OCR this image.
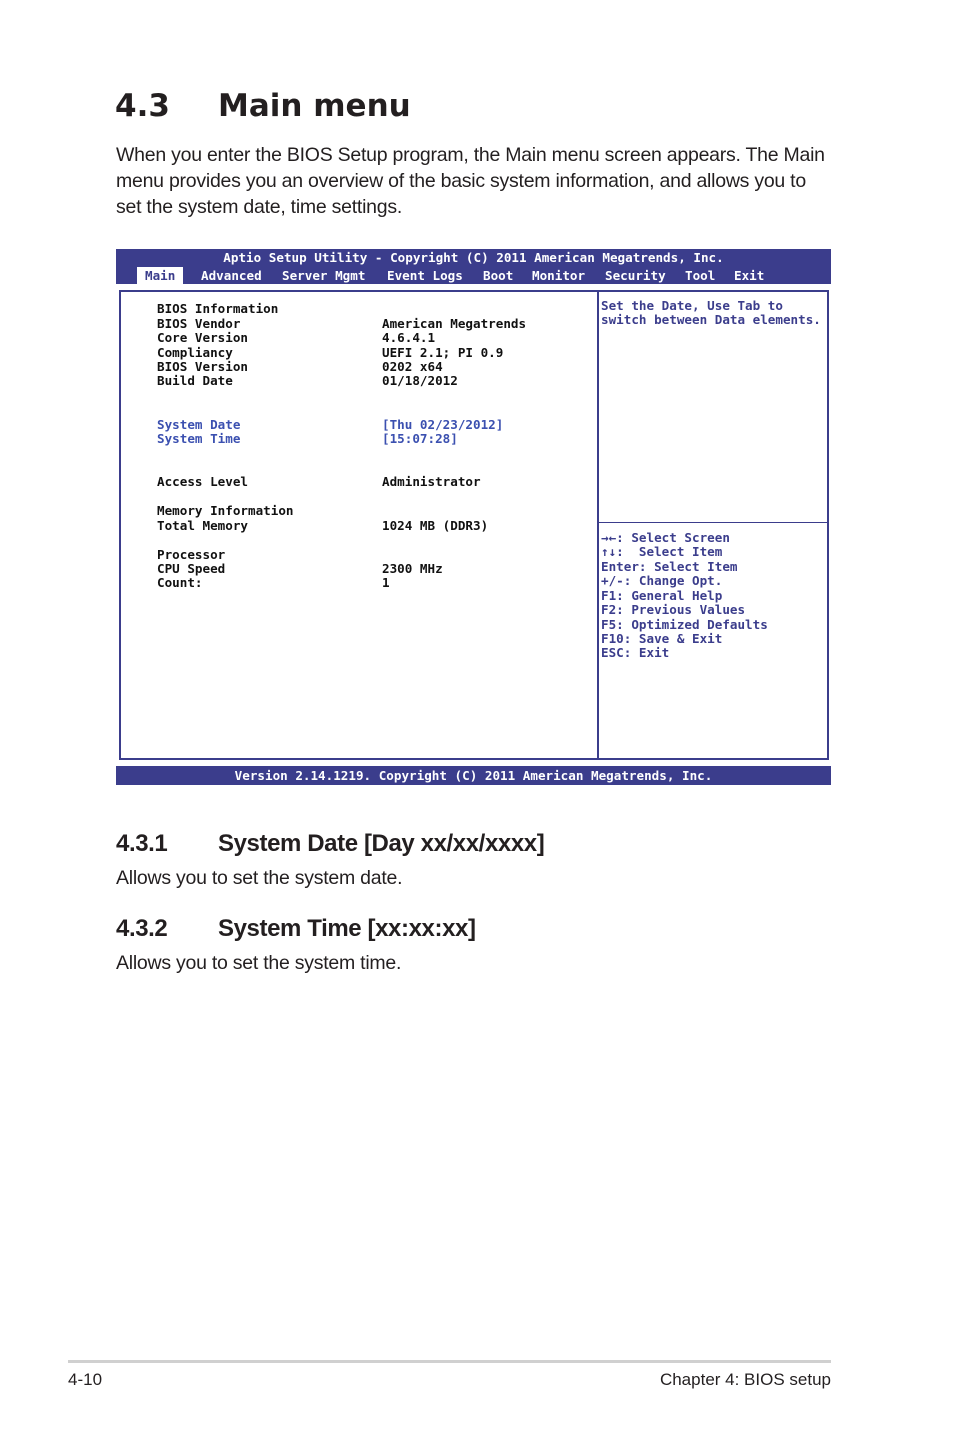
4.3 Main menu

When you enter the BIOS Setup program, the Main menu screen appears. The Main menu provides you an overview of the basic system information, and allows you to set the system date, time settings.

Aptio Setup Utility - Copyright (C) 2011 American Megatrends, Inc.
Main	Advanced Server Mgmt Event Logs Boot Monitor Security Tool Exit
BIOS Information
BIOS Vendor	American Megatrends
Core Version	4.6.4.1
Compliancy	UEFI 2.1; PI 0.9
BIOS Version	0202 x64
Build Date	01/18/2012
System Date	[Thu 02/23/2012]
System Time	[15:07:28]
Access Level	Administrator
Memory Information
Total Memory	1024 MB (DDR3)
Processor
CPU Speed	2300 MHz
Count:	1
Set the Date, Use Tab to
switch between Data elements.
→←: Select Screen
↑↓:  Select Item
Enter: Select Item
+/-: Change Opt.
F1: General Help
F2: Previous Values
F5: Optimized Defaults
F10: Save & Exit
ESC: Exit
Version 2.14.1219. Copyright (C) 2011 American Megatrends, Inc.
4.3.1 System Date [Day xx/xx/xxxx]

Allows you to set the system date.

4.3.2 System Time [xx:xx:xx]

Allows you to set the system time.

4-10	Chapter 4: BIOS setup
